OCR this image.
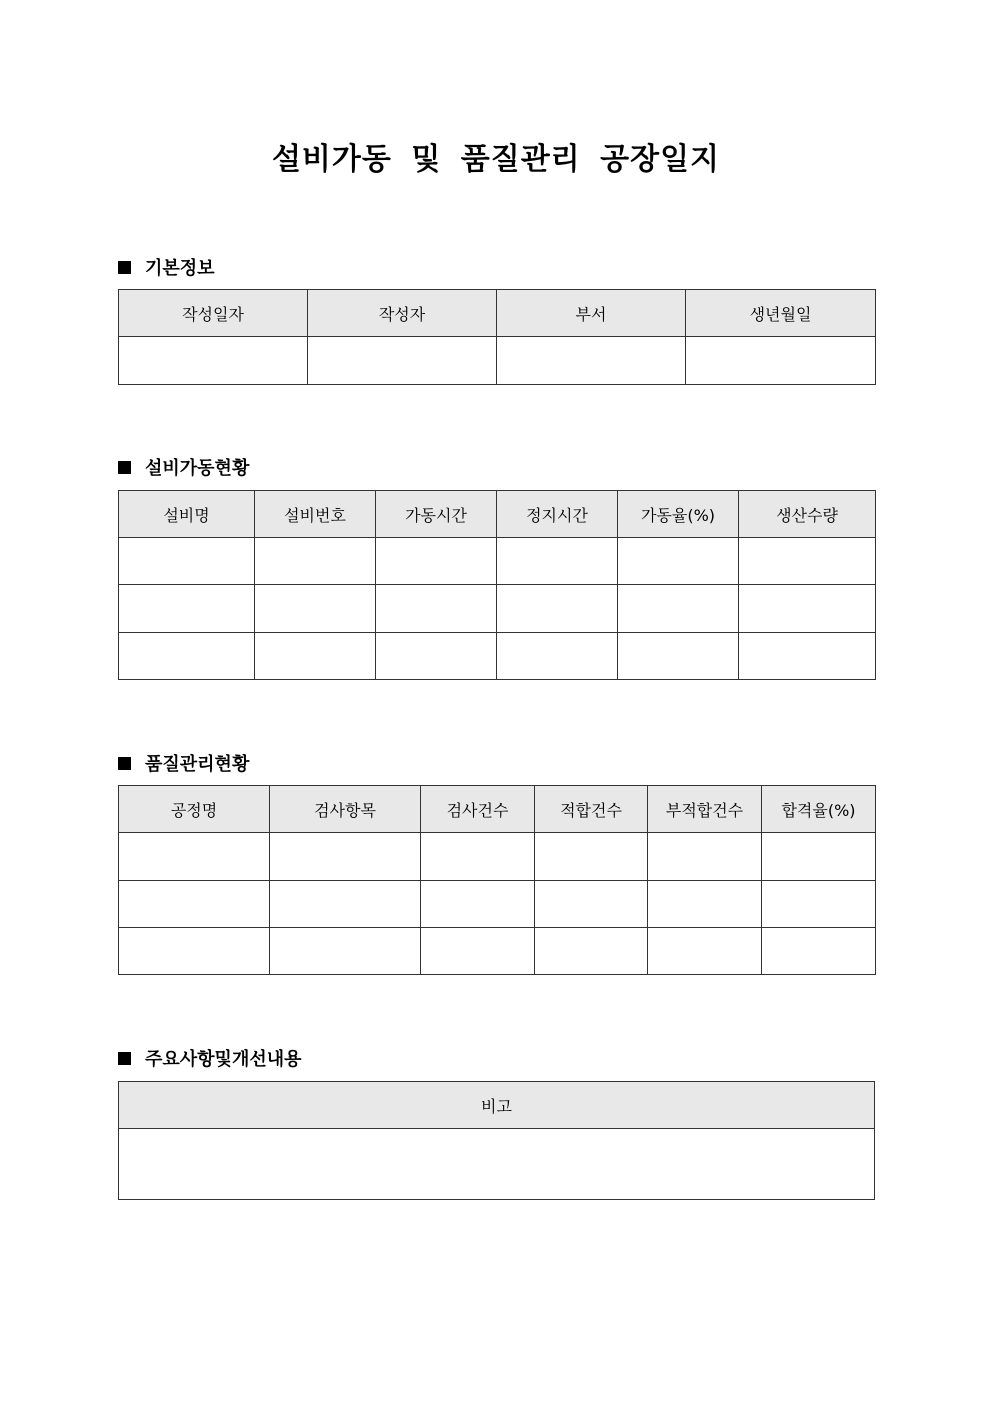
설비가동 및 품질관리 공장일지
기본정보
작성일자	작성자	부서	생년월일

설비가동현황
설비명	설비번호	가동시간	정지시간	가동율(%)	생산수량

품질관리현황
공정명	검사항목	검사건수	적합건수	부적합건수	합격율(%)

주요사항및개선내용
비고
